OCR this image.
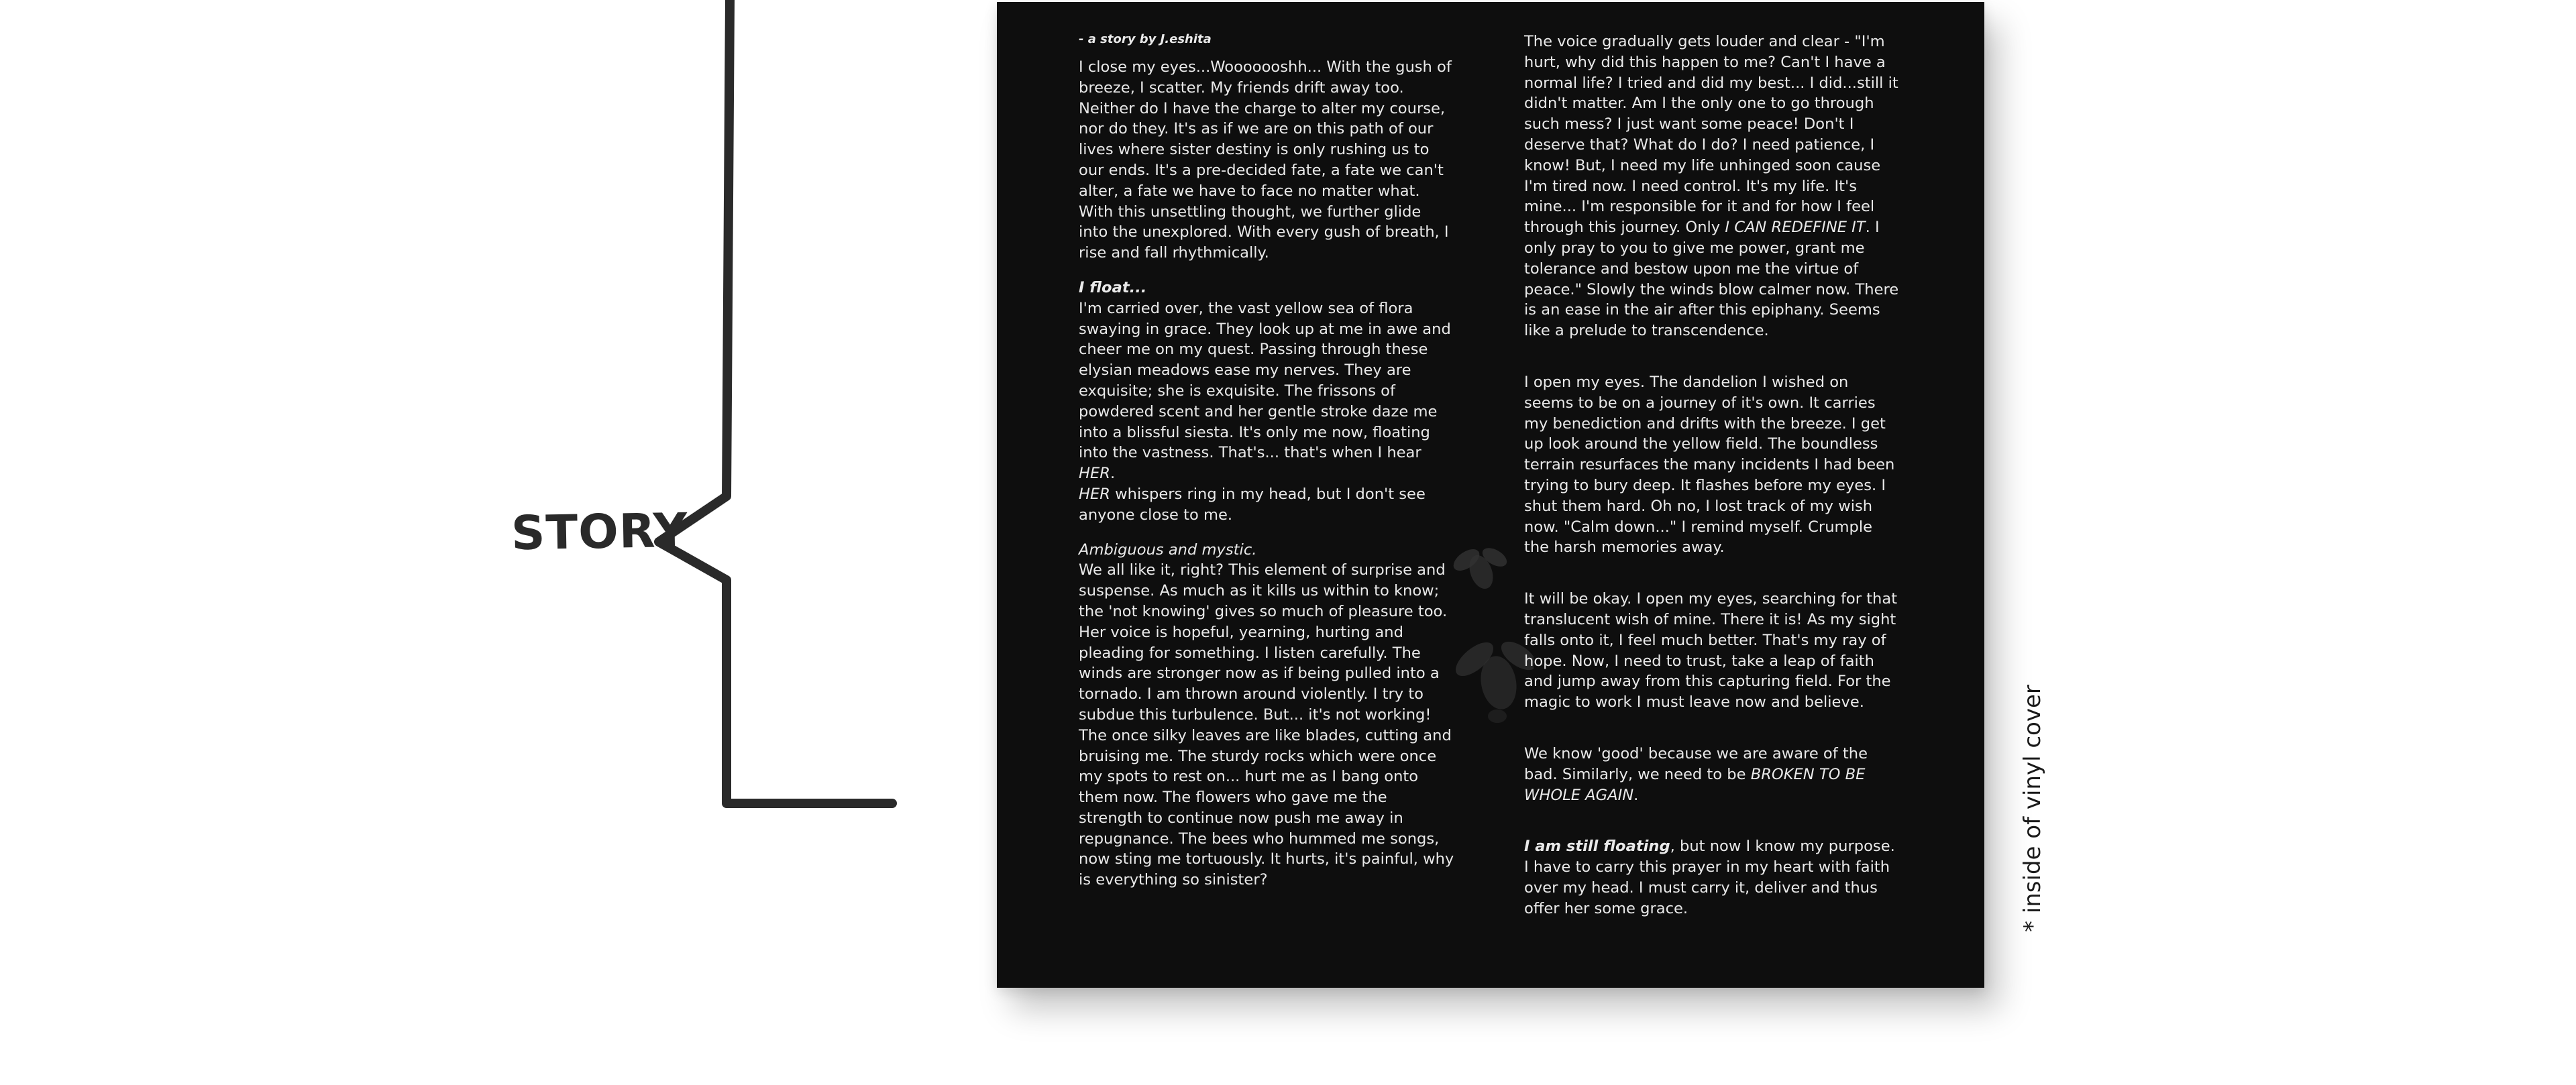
STORY

- a story by J.eshita

I close my eyes...Wooooooshh... With the gush of breeze, I scatter. My friends drift away too. Neither do I have the charge to alter my course, nor do they. It's as if we are on this path of our lives where sister destiny is only rushing us to our ends. It's a pre-decided fate, a fate we can't alter, a fate we have to face no matter what. With this unsettling thought, we further glide into the unexplored. With every gush of breath, I rise and fall rhythmically.

I float...
I'm carried over, the vast yellow sea of flora swaying in grace. They look up at me in awe and cheer me on my quest. Passing through these elysian meadows ease my nerves. They are exquisite; she is exquisite. The frissons of powdered scent and her gentle stroke daze me into a blissful siesta. It's only me now, floating into the vastness. That's... that's when I hear HER.
HER whispers ring in my head, but I don't see anyone close to me.

Ambiguous and mystic.
We all like it, right? This element of surprise and suspense. As much as it kills us within to know; the 'not knowing' gives so much of pleasure too. Her voice is hopeful, yearning, hurting and pleading for something. I listen carefully. The winds are stronger now as if being pulled into a tornado. I am thrown around violently. I try to subdue this turbulence. But... it's not working! The once silky leaves are like blades, cutting and bruising me. The sturdy rocks which were once my spots to rest on... hurt me as I bang onto them now. The flowers who gave me the strength to continue now push me away in repugnance. The bees who hummed me songs, now sting me tortuously. It hurts, it's painful, why is everything so sinister?

The voice gradually gets louder and clear - "I'm hurt, why did this happen to me? Can't I have a normal life? I tried and did my best... I did...still it didn't matter. Am I the only one to go through such mess? I just want some peace! Don't I deserve that? What do I do? I need patience, I know! But, I need my life unhinged soon cause I'm tired now. I need control. It's my life. It's mine... I'm responsible for it and for how I feel through this journey. Only I CAN REDEFINE IT. I only pray to you to give me power, grant me tolerance and bestow upon me the virtue of peace." Slowly the winds blow calmer now. There is an ease in the air after this epiphany. Seems like a prelude to transcendence.

I open my eyes. The dandelion I wished on seems to be on a journey of it's own. It carries my benediction and drifts with the breeze. I get up look around the yellow field. The boundless terrain resurfaces the many incidents I had been trying to bury deep. It flashes before my eyes. I shut them hard. Oh no, I lost track of my wish now. "Calm down..." I remind myself. Crumple the harsh memories away.

It will be okay. I open my eyes, searching for that translucent wish of mine. There it is! As my sight falls onto it, I feel much better. That's my ray of hope. Now, I need to trust, take a leap of faith and jump away from this capturing field. For the magic to work I must leave now and believe.

We know 'good' because we are aware of the bad. Similarly, we need to be BROKEN TO BE WHOLE AGAIN.

I am still floating, but now I know my purpose. I have to carry this prayer in my heart with faith over my head. I must carry it, deliver and thus offer her some grace.	* inside of vinyl cover
